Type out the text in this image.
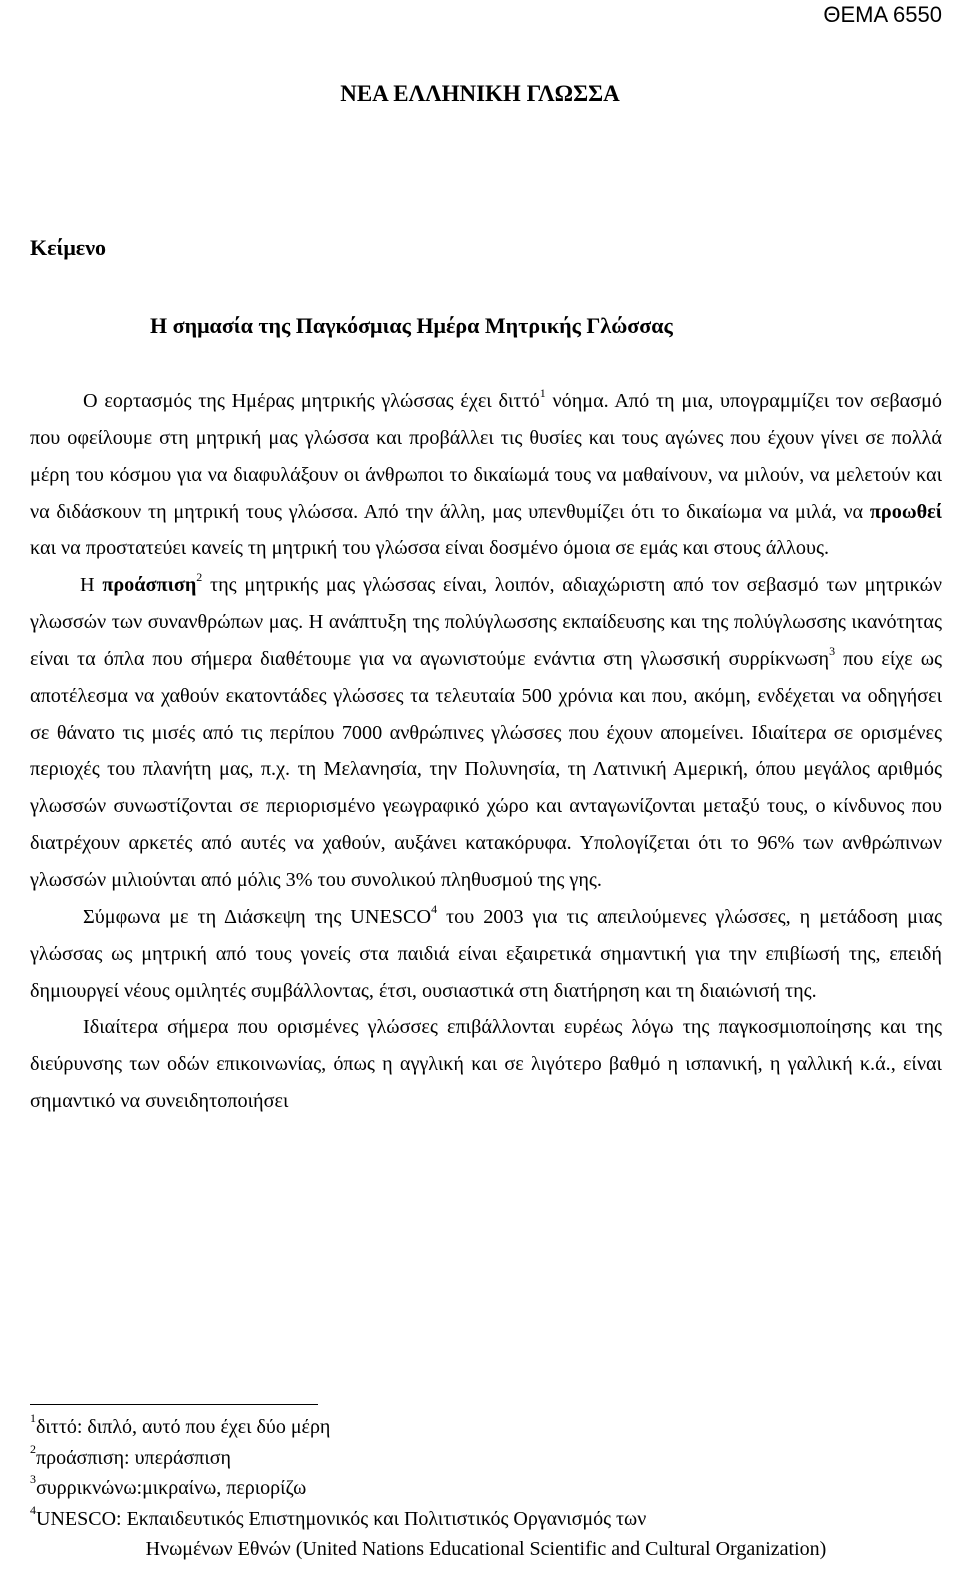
ΘΕΜΑ 6550
ΝΕΑ ΕΛΛΗΝΙΚΗ ΓΛΩΣΣΑ
Κείμενο
Η σημασία της Παγκόσμιας Ημέρα Μητρικής Γλώσσας

Ο εορτασμός της Ημέρας μητρικής γλώσσας έχει διττό$^1$ νόημα. Από τη μια, υπογραμμίζει τον σεβασμό που οφείλουμε στη μητρική μας γλώσσα και προβάλλει τις θυσίες και τους αγώνες που έχουν γίνει σε πολλά μέρη του κόσμου για να διαφυλάξουν οι άνθρωποι το δικαίωμά τους να μαθαίνουν, να μιλούν, να μελετούν και να διδάσκουν τη μητρική τους γλώσσα. Από την άλλη, μας υπενθυμίζει ότι το δικαίωμα να μιλά, να προωθεί και να προστατεύει κανείς τη μητρική του γλώσσα είναι δοσμένο όμοια σε εμάς και στους άλλους.

Η προάσπιση$^2$ της μητρικής μας γλώσσας είναι, λοιπόν, αδιαχώριστη από τον σεβασμό των μητρικών γλωσσών των συνανθρώπων μας. Η ανάπτυξη της πολύγλωσσης εκπαίδευσης και της πολύγλωσσης ικανότητας είναι τα όπλα που σήμερα διαθέτουμε για να αγωνιστούμε ενάντια στη γλωσσική συρρίκνωση$^3$ που είχε ως αποτέλεσμα να χαθούν εκατοντάδες γλώσσες τα τελευταία 500 χρόνια και που, ακόμη, ενδέχεται να οδηγήσει σε θάνατο τις μισές από τις περίπου 7000 ανθρώπινες γλώσσες που έχουν απομείνει. Ιδιαίτερα σε ορισμένες περιοχές του πλανήτη μας, π.χ. τη Μελανησία, την Πολυνησία, τη Λατινική Αμερική, όπου μεγάλος αριθμός γλωσσών συνωστίζονται σε περιορισμένο γεωγραφικό χώρο και ανταγωνίζονται μεταξύ τους, ο κίνδυνος που διατρέχουν αρκετές από αυτές να χαθούν, αυξάνει κατακόρυφα. Υπολογίζεται ότι το 96% των ανθρώπινων γλωσσών μιλιούνται από μόλις 3% του συνολικού πληθυσμού της γης.

Σύμφωνα με τη Διάσκεψη της UNESCO$^4$ του 2003 για τις απειλούμενες γλώσσες, η μετάδοση μιας γλώσσας ως μητρική από τους γονείς στα παιδιά είναι εξαιρετικά σημαντική για την επιβίωσή της, επειδή δημιουργεί νέους ομιλητές συμβάλλοντας, έτσι, ουσιαστικά στη διατήρηση και τη διαιώνισή της.

Ιδιαίτερα σήμερα που ορισμένες γλώσσες επιβάλλονται ευρέως λόγω της παγκοσμιοποίησης και της διεύρυνσης των οδών επικοινωνίας, όπως η αγγλική και σε λιγότερο βαθμό η ισπανική, η γαλλική κ.ά., είναι σημαντικό να συνειδητοποιήσει

$^1$διττό: διπλό, αυτό που έχει δύο μέρη
$^2$προάσπιση: υπεράσπιση
$^3$συρρικνώνω:μικραίνω, περιορίζω
$^4$UNESCO: Εκπαιδευτικός Επιστημονικός και Πολιτιστικός Οργανισμός των
Ηνωμένων Εθνών (United Nations Educational Scientific and Cultural Organization)
